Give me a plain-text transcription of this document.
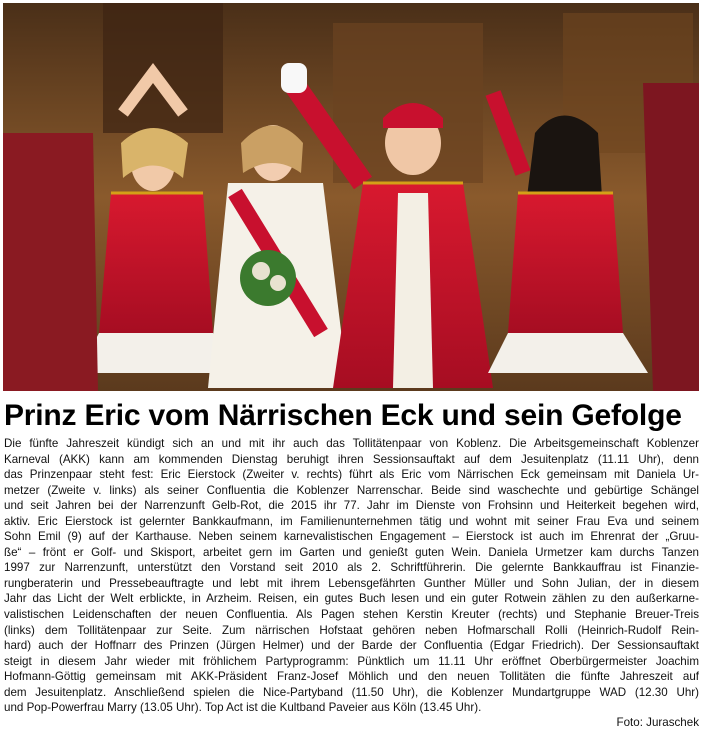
Prinz Eric vom Närrischen Eck und sein Gefolge
Die fünfte Jahreszeit kündigt sich an und mit ihr auch das Tollitätenpaar von Koblenz. Die Arbeitsgemeinschaft Koblenzer
Karneval (AKK) kann am kommenden Dienstag beruhigt ihren Sessionsauftakt auf dem Jesuitenplatz (11.11 Uhr), denn
das Prinzenpaar steht fest: Eric Eierstock (Zweiter v. rechts) führt als Eric vom Närrischen Eck gemeinsam mit Daniela Ur-
metzer (Zweite v. links) als seiner Confluentia die Koblenzer Narrenschar. Beide sind waschechte und gebürtige Schängel
und seit Jahren bei der Narrenzunft Gelb-Rot, die 2015 ihr 77. Jahr im Dienste von Frohsinn und Heiterkeit begehen wird,
aktiv. Eric Eierstock ist gelernter Bankkaufmann, im Familienunternehmen tätig und wohnt mit seiner Frau Eva und seinem
Sohn Emil (9) auf der Karthause. Neben seinem karnevalistischen Engagement – Eierstock ist auch im Ehrenrat der „Gruu-
ße“ – frönt er Golf- und Skisport, arbeitet gern im Garten und genießt guten Wein. Daniela Urmetzer kam durchs Tanzen
1997 zur Narrenzunft, unterstützt den Vorstand seit 2010 als 2. Schriftführerin. Die gelernte Bankkauffrau ist Finanzie-
rungberaterin und Pressebeauftragte und lebt mit ihrem Lebensgefährten Gunther Müller und Sohn Julian, der in diesem
Jahr das Licht der Welt erblickte, in Arzheim. Reisen, ein gutes Buch lesen und ein guter Rotwein zählen zu den außerkarne-
valistischen Leidenschaften der neuen Confluentia. Als Pagen stehen Kerstin Kreuter (rechts) und Stephanie Breuer-Treis
(links) dem Tollitätenpaar zur Seite. Zum närrischen Hofstaat gehören neben Hofmarschall Rolli (Heinrich-Rudolf Rein-
hard) auch der Hoffnarr des Prinzen (Jürgen Helmer) und der Barde der Confluentia (Edgar Friedrich). Der Sessionsauftakt
steigt in diesem Jahr wieder mit fröhlichem Partyprogramm: Pünktlich um 11.11 Uhr eröffnet Oberbürgermeister Joachim
Hofmann-Göttig gemeinsam mit AKK-Präsident Franz-Josef Möhlich und den neuen Tollitäten die fünfte Jahreszeit auf
dem Jesuitenplatz. Anschließend spielen die Nice-Partyband (11.50 Uhr), die Koblenzer Mundartgruppe WAD (12.30 Uhr)
und Pop-Powerfrau Marry (13.05 Uhr). Top Act ist die Kultband Paveier aus Köln (13.45 Uhr).
Foto: Juraschek
